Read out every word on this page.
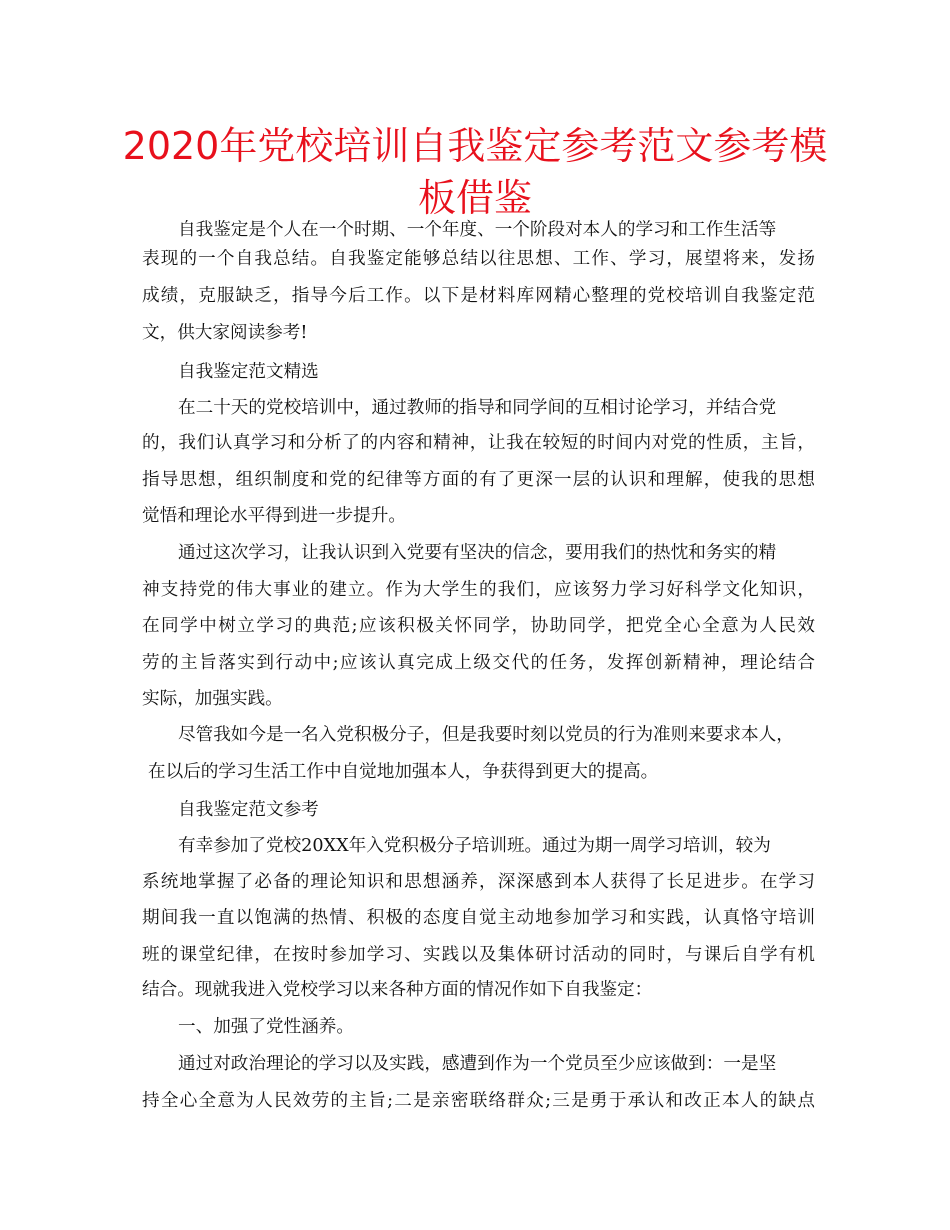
2020年党校培训自我鉴定参考范文参考模板借鉴

自我鉴定是个人在一个时期、一个年度、一个阶段对本人的学习和工作生活等

表现的一个自我总结。自我鉴定能够总结以往思想、工作、学习，展望将来，发扬

成绩，克服缺乏，指导今后工作。以下是材料库网精心整理的党校培训自我鉴定范

文，供大家阅读参考!

自我鉴定范文精选

在二十天的党校培训中，通过教师的指导和同学间的互相讨论学习，并结合党

的，我们认真学习和分析了的内容和精神，让我在较短的时间内对党的性质，主旨，

指导思想，组织制度和党的纪律等方面的有了更深一层的认识和理解，使我的思想

觉悟和理论水平得到进一步提升。

通过这次学习，让我认识到入党要有坚决的信念，要用我们的热忱和务实的精

神支持党的伟大事业的建立。作为大学生的我们，应该努力学习好科学文化知识，

在同学中树立学习的典范;应该积极关怀同学，协助同学，把党全心全意为人民效

劳的主旨落实到行动中;应该认真完成上级交代的任务，发挥创新精神，理论结合

实际，加强实践。

尽管我如今是一名入党积极分子，但是我要时刻以党员的行为准则来要求本人，

在以后的学习生活工作中自觉地加强本人，争获得到更大的提高。

自我鉴定范文参考

有幸参加了党校20XX年入党积极分子培训班。通过为期一周学习培训，较为

系统地掌握了必备的理论知识和思想涵养，深深感到本人获得了长足进步。在学习

期间我一直以饱满的热情、积极的态度自觉主动地参加学习和实践，认真恪守培训

班的课堂纪律，在按时参加学习、实践以及集体研讨活动的同时，与课后自学有机

结合。现就我进入党校学习以来各种方面的情况作如下自我鉴定：

一、加强了党性涵养。

通过对政治理论的学习以及实践，感遭到作为一个党员至少应该做到：一是坚

持全心全意为人民效劳的主旨;二是亲密联络群众;三是勇于承认和改正本人的缺点
